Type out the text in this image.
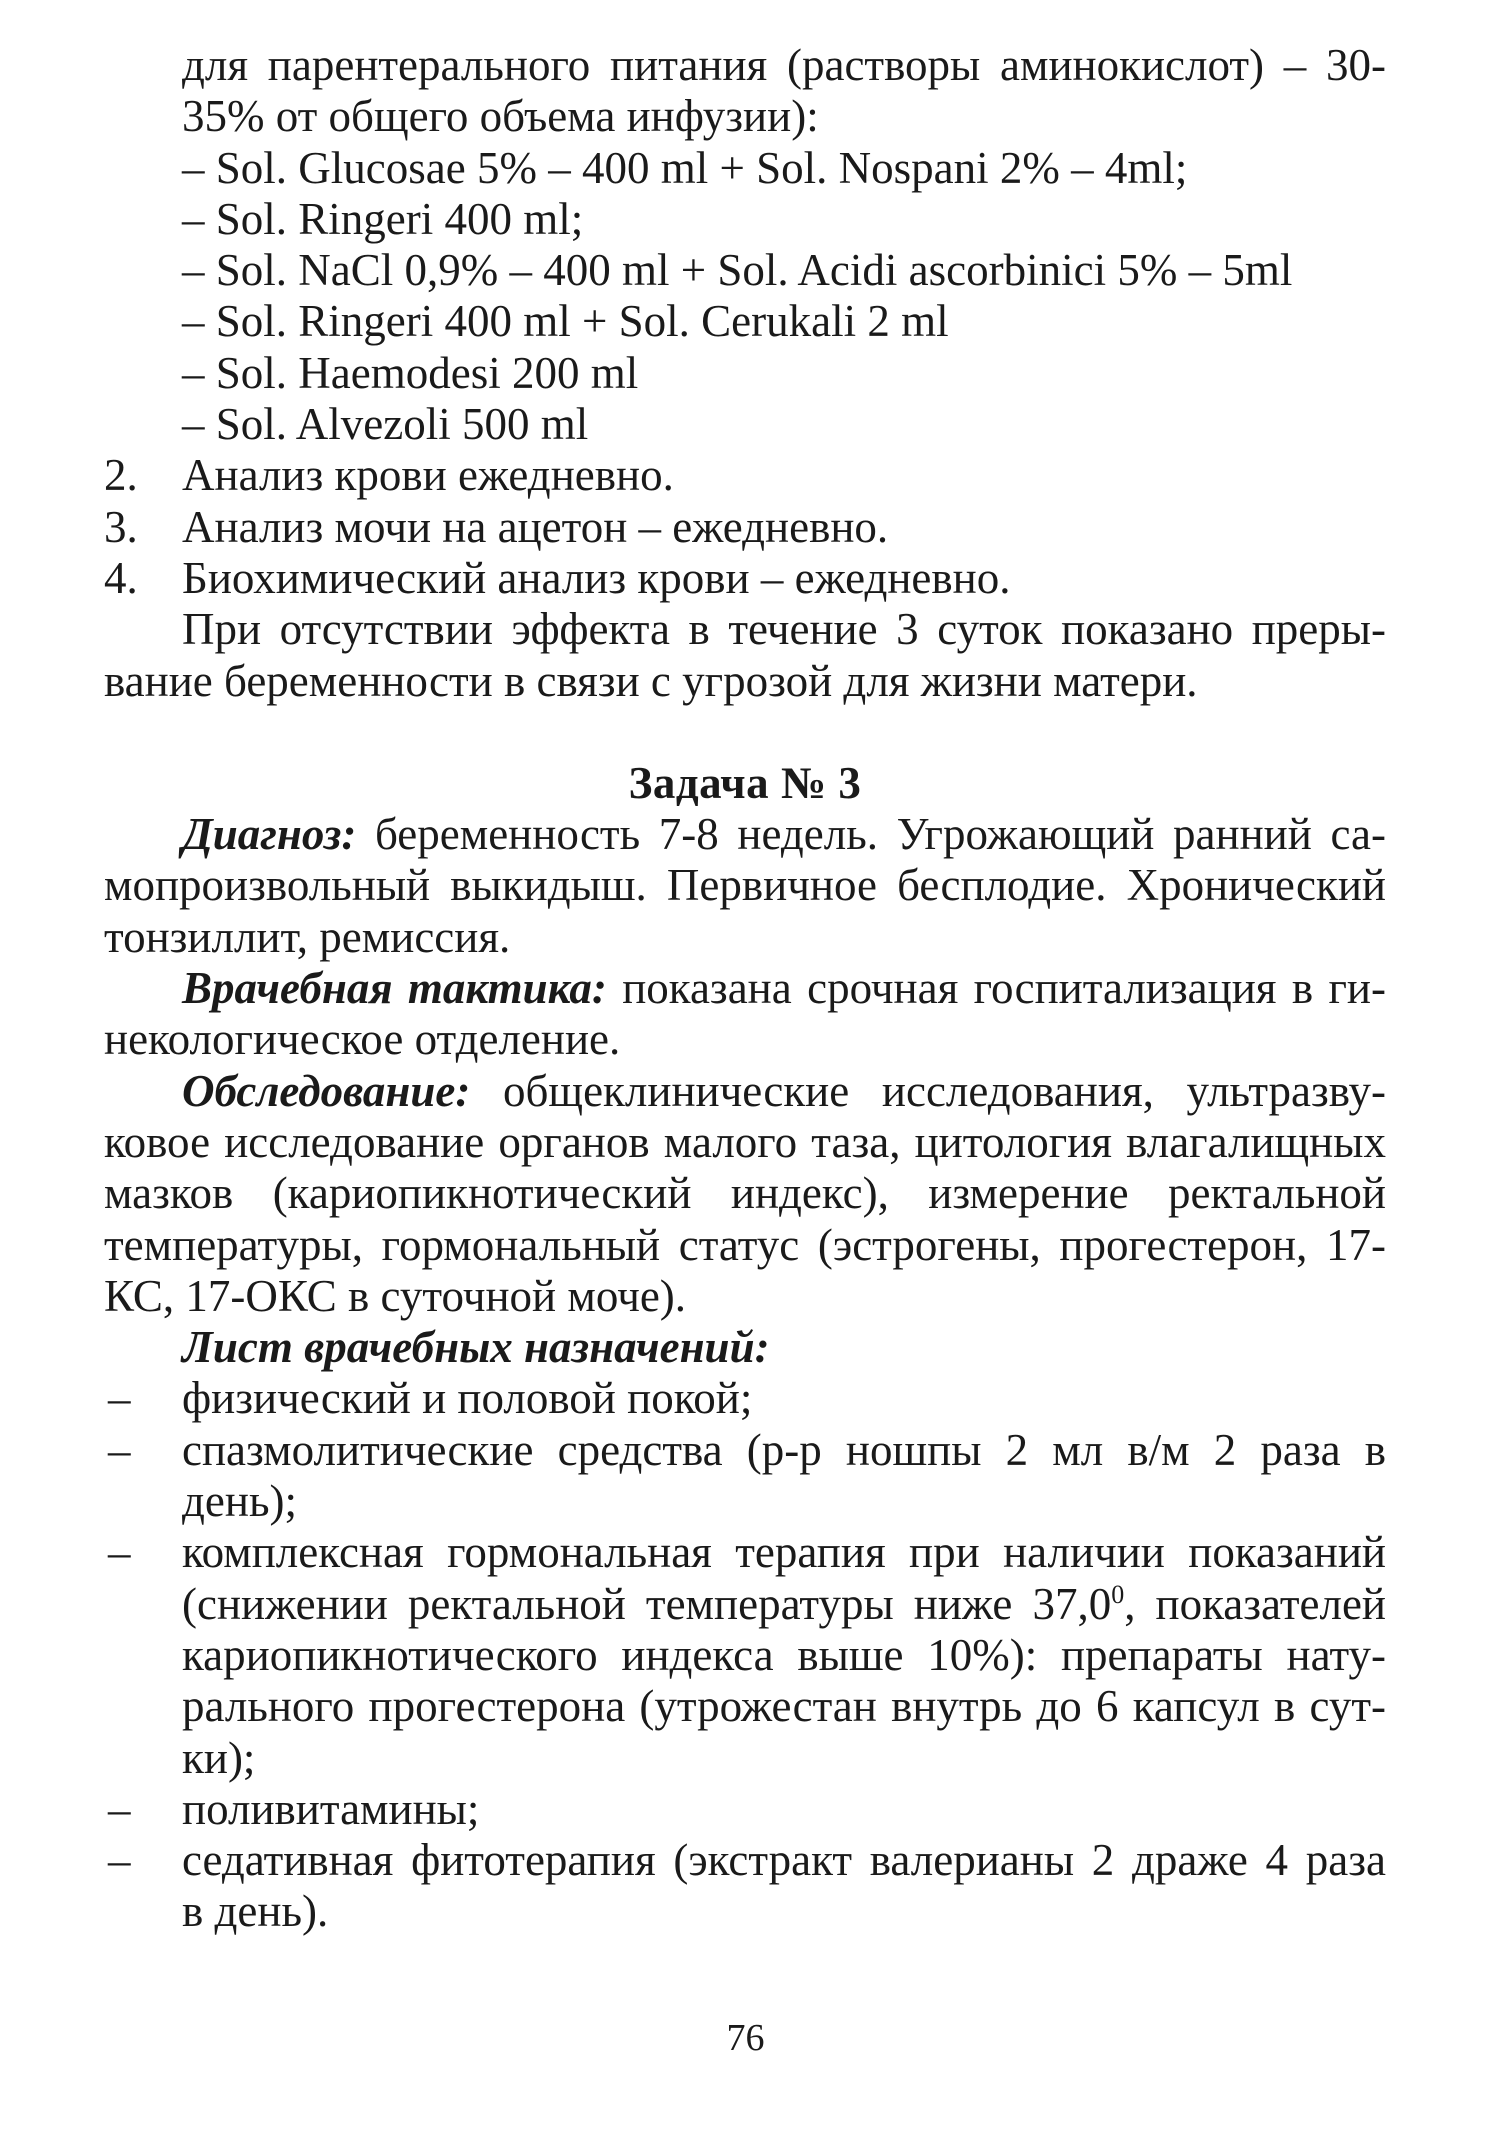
для парентерального питания (растворы аминокислот) – 30-
35% от общего объема инфузии):
– Sol. Glucosae 5% – 400 ml + Sol. Nospani 2% – 4ml;
– Sol. Ringeri 400 ml;
– Sol. NaCl 0,9% – 400 ml + Sol. Acidi ascorbinici 5% – 5ml
– Sol. Ringeri 400 ml + Sol. Cerukali 2 ml
– Sol. Haemodesi 200 ml
– Sol. Alvezoli 500 ml
2. Анализ крови ежедневно.
3. Анализ мочи на ацетон – ежедневно.
4. Биохимический анализ крови – ежедневно.
При отсутствии эффекта в течение 3 суток показано преры-
вание беременности в связи с угрозой для жизни матери.
Задача № 3
Диагноз: беременность 7-8 недель. Угрожающий ранний са-
мопроизвольный выкидыш. Первичное бесплодие. Хронический
тонзиллит, ремиссия.
Врачебная тактика: показана срочная госпитализация в ги-
некологическое отделение.
Обследование: общеклинические исследования, ультразву-
ковое исследование органов малого таза, цитология влагалищных
мазков (кариопикнотический индекс), измерение ректальной
температуры, гормональный статус (эстрогены, прогестерон, 17-
КС, 17-ОКС в суточной моче).
Лист врачебных назначений:
– физический и половой покой;
– спазмолитические средства (р-р ношпы 2 мл в/м 2 раза в
день);
– комплексная гормональная терапия при наличии показаний
(снижении ректальной температуры ниже 37,0$^0$, показателей
кариопикнотического индекса выше 10%): препараты нату-
рального прогестерона (утрожестан внутрь до 6 капсул в сут-
ки);
– поливитамины;
– седативная фитотерапия (экстракт валерианы 2 драже 4 раза
в день).
76
